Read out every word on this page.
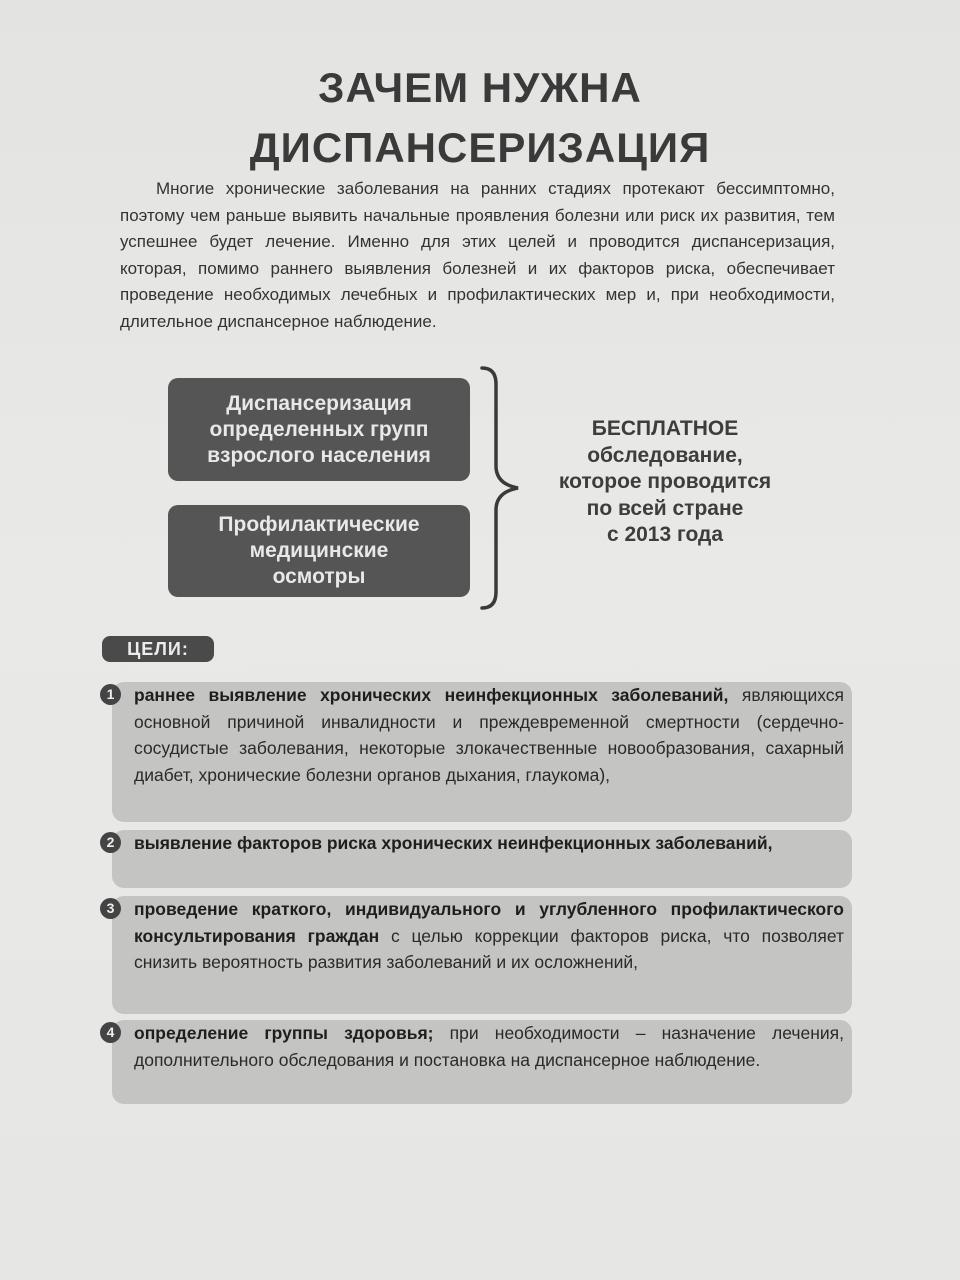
ЗАЧЕМ НУЖНА
ДИСПАНСЕРИЗАЦИЯ

Многие хронические заболевания на ранних стадиях протекают бессимптомно, поэтому чем раньше выявить начальные проявления болезни или риск их развития, тем успешнее будет лечение. Именно для этих целей и проводится диспансеризация, которая, помимо раннего выявления болезней и их факторов риска, обеспечивает проведение необходимых лечебных и профилактических мер и, при необходимости, длительное диспансерное наблюдение.

Диспансеризация
определенных групп
взрослого населения
Профилактические
медицинские
осмотры
БЕСПЛАТНОЕ
обследование,
которое проводится
по всей стране
с 2013 года
ЦЕЛИ:
1	раннее выявление хронических неинфекционных заболеваний, являющихся основной причиной инвалидности и преждевременной смертности (сердечно-сосудистые заболевания, некоторые злокачественные новообразования, сахарный диабет, хронические болезни органов дыхания, глаукома),
2	выявление факторов риска хронических неинфекционных заболеваний,
3	проведение краткого, индивидуального и углубленного профилактического консультирования граждан с целью коррекции факторов риска, что позволяет снизить вероятность развития заболеваний и их осложнений,
4	определение группы здоровья; при необходимости – назначение лечения, дополнительного обследования и постановка на диспансерное наблюдение.
